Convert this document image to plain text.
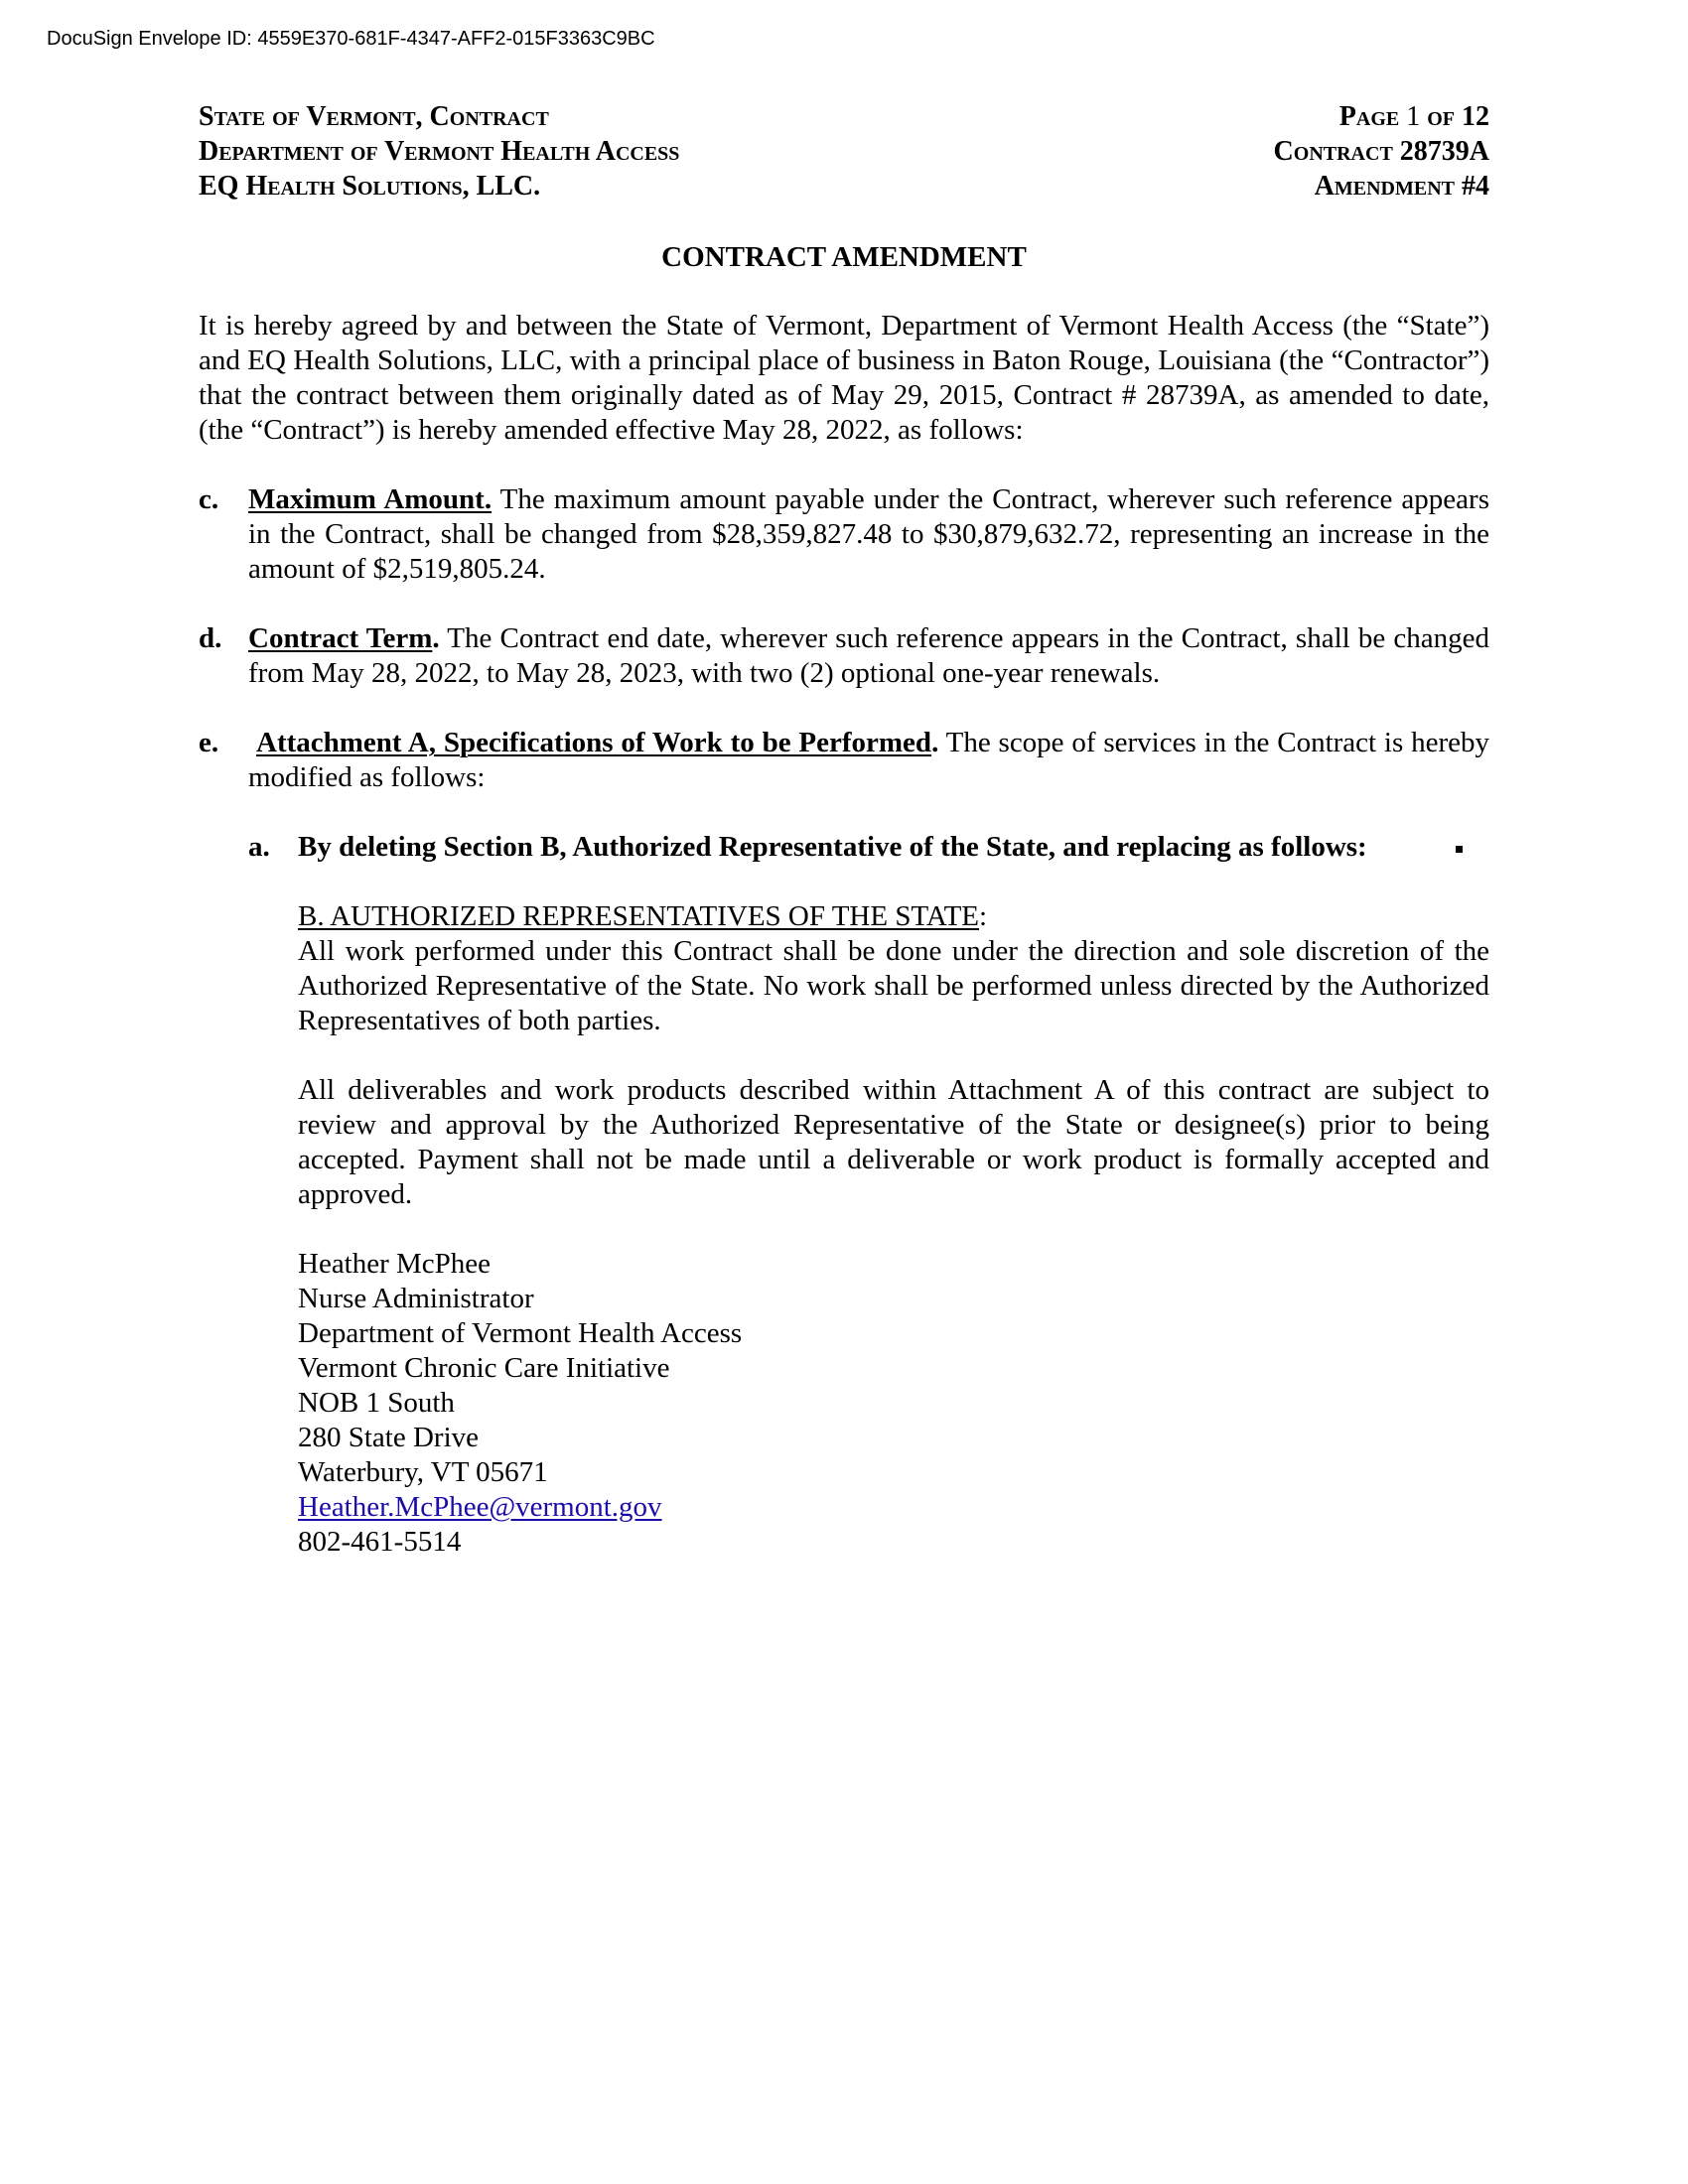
DocuSign Envelope ID: 4559E370-681F-4347-AFF2-015F3363C9BC
State of Vermont, Contract
Department of Vermont Health Access
EQ Health Solutions, LLC.
Page 1 of 12
Contract 28739A
Amendment #4
CONTRACT AMENDMENT

It is hereby agreed by and between the State of Vermont, Department of Vermont Health Access (the “State”) and EQ Health Solutions, LLC, with a principal place of business in Baton Rouge, Louisiana (the “Contractor”) that the contract between them originally dated as of May 29, 2015, Contract # 28739A, as amended to date, (the “Contract”) is hereby amended effective May 28, 2022, as follows:

c. Maximum Amount. The maximum amount payable under the Contract, wherever such reference appears in the Contract, shall be changed from $28,359,827.48 to $30,879,632.72, representing an increase in the amount of $2,519,805.24.

d. Contract Term. The Contract end date, wherever such reference appears in the Contract, shall be changed from May 28, 2022, to May 28, 2023, with two (2) optional one-year renewals.

e. Attachment A, Specifications of Work to be Performed. The scope of services in the Contract is hereby modified as follows:

a. By deleting Section B, Authorized Representative of the State, and replacing as follows:

B. AUTHORIZED REPRESENTATIVES OF THE STATE:

All work performed under this Contract shall be done under the direction and sole discretion of the Authorized Representative of the State. No work shall be performed unless directed by the Authorized Representatives of both parties.

All deliverables and work products described within Attachment A of this contract are subject to review and approval by the Authorized Representative of the State or designee(s) prior to being accepted. Payment shall not be made until a deliverable or work product is formally accepted and approved.

Heather McPhee
Nurse Administrator
Department of Vermont Health Access
Vermont Chronic Care Initiative
NOB 1 South
280 State Drive
Waterbury, VT 05671
Heather.McPhee@vermont.gov
802-461-5514
